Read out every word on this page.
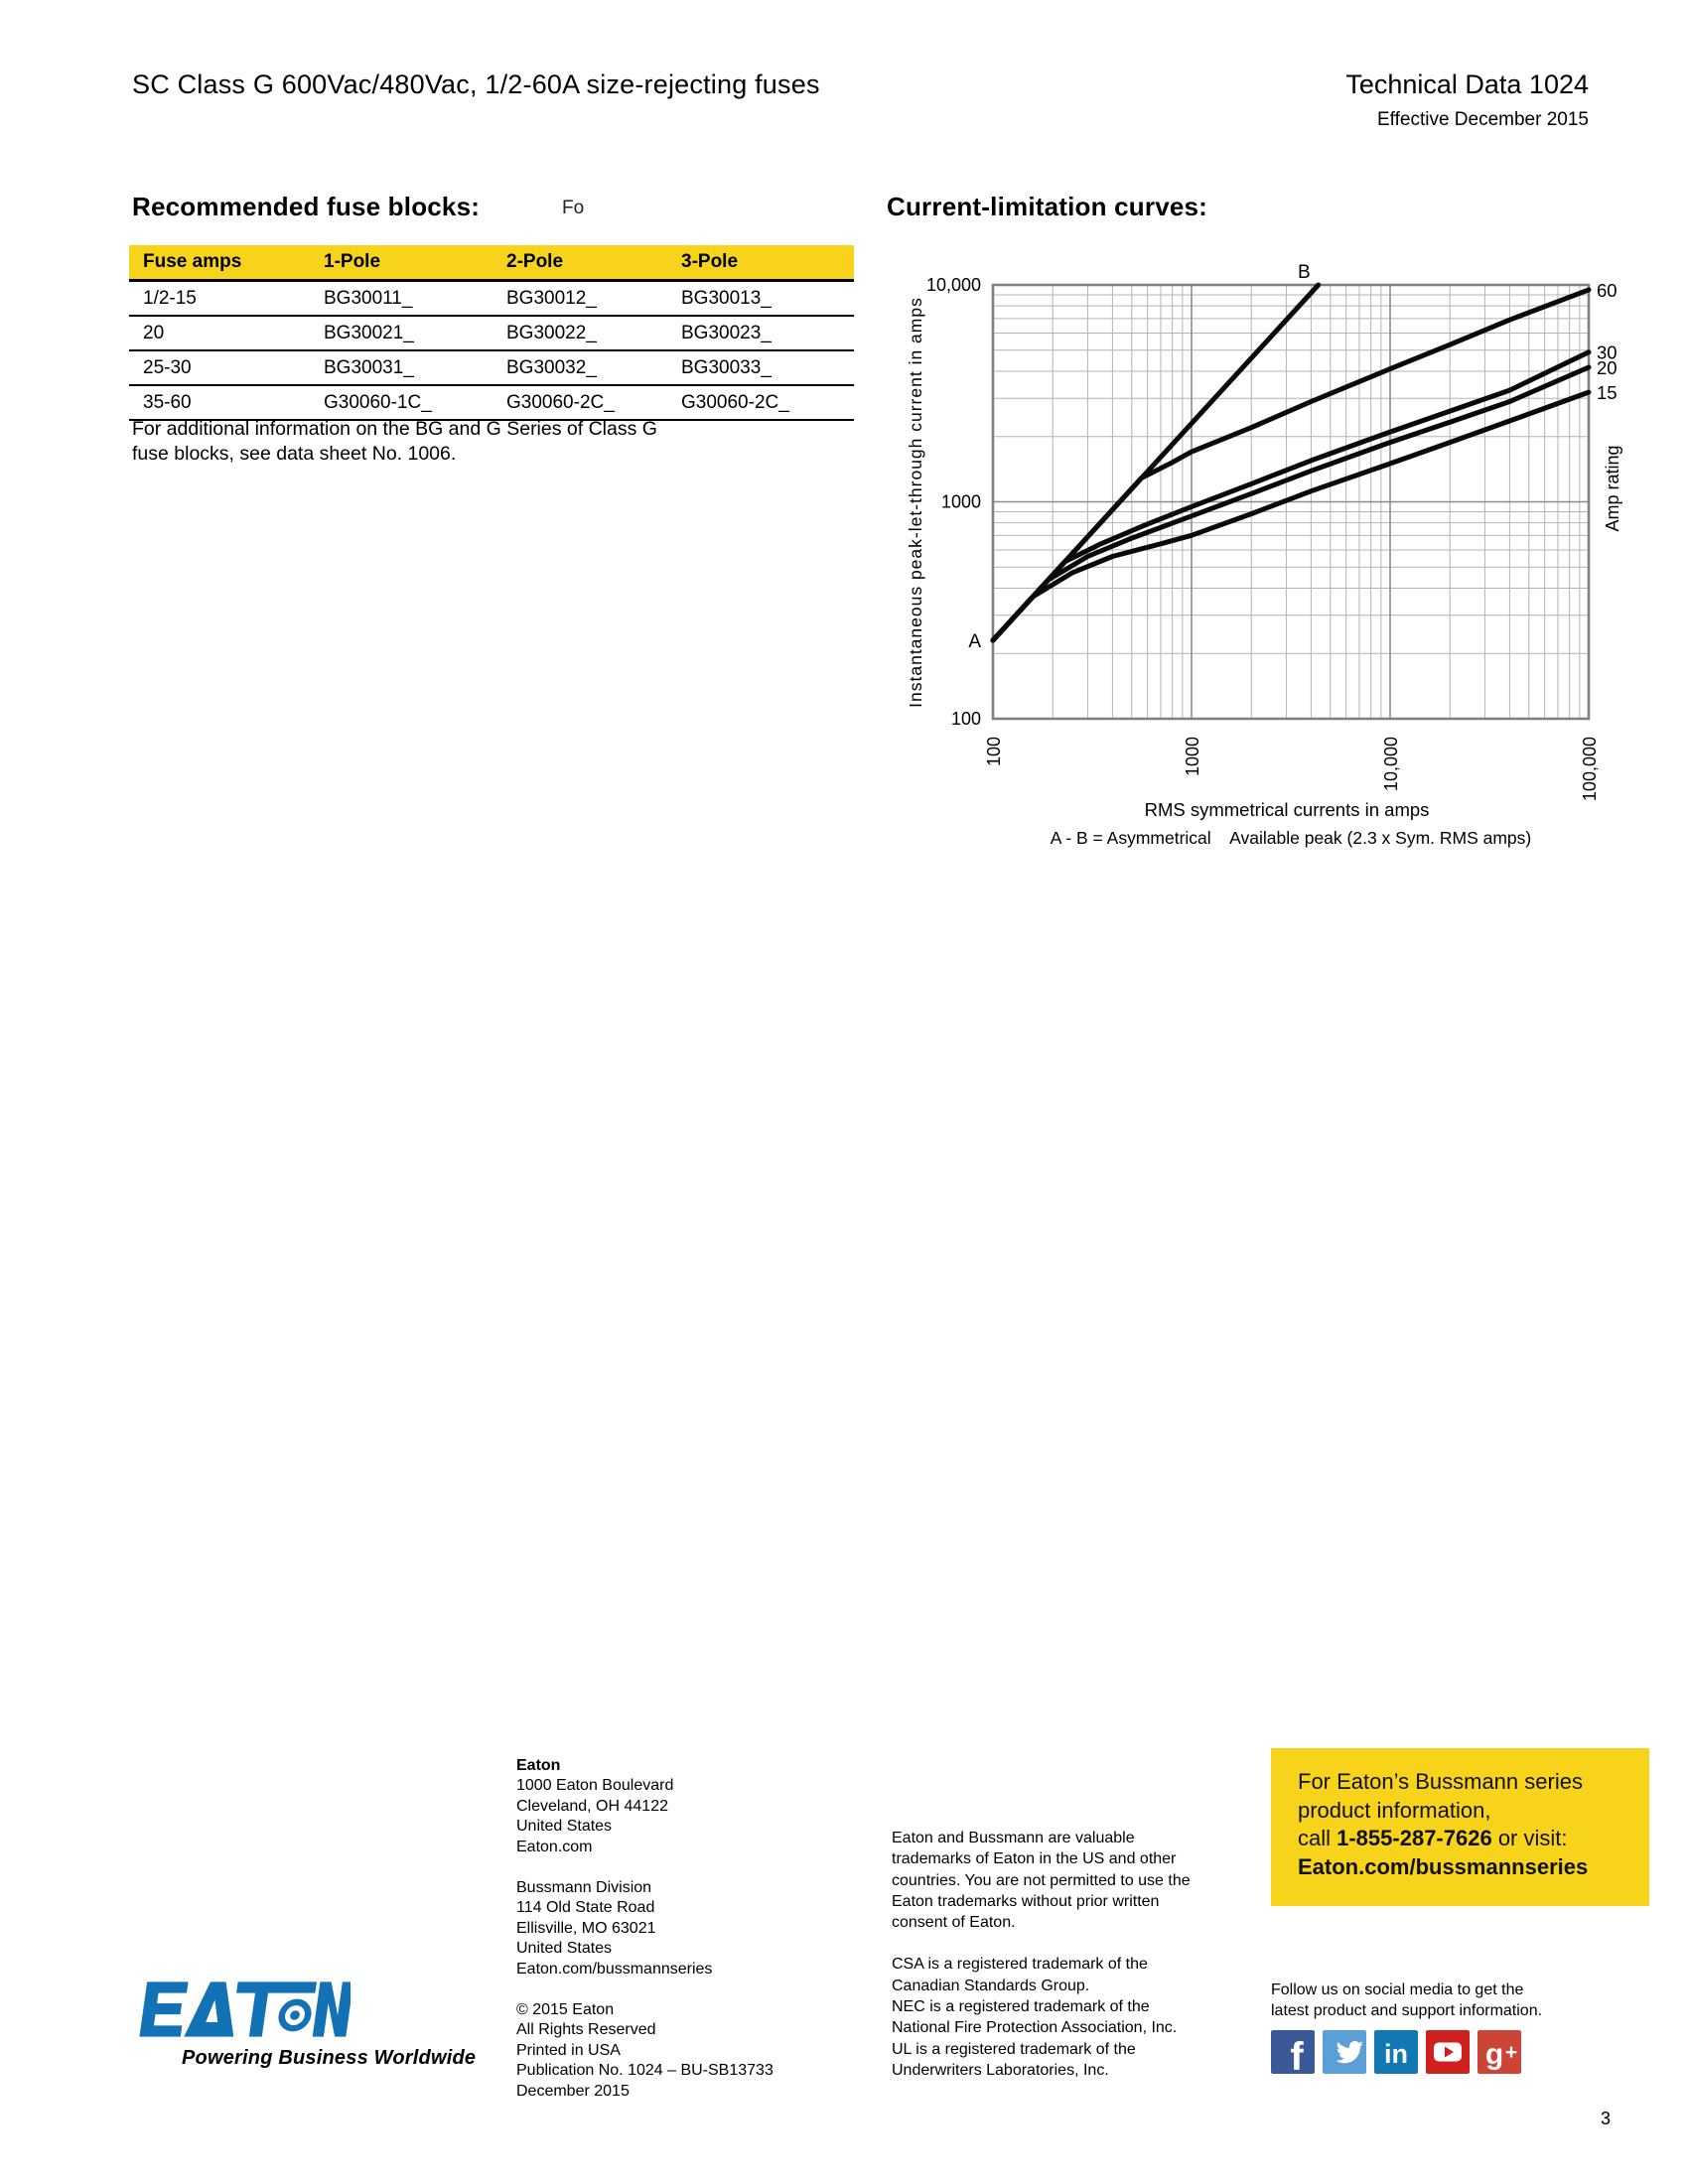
SC Class G 600Vac/480Vac, 1/2-60A size-rejecting fuses	Technical Data 1024
Effective December 2015
Recommended fuse blocks:	Fo
Fuse amps	1-Pole	2-Pole	3-Pole
1/2-15	BG30011_	BG30012_	BG30013_
20	BG30021_	BG30022_	BG30023_
25-30	BG30031_	BG30032_	BG30033_
35-60	G30060-1C_	G30060-2C_	G30060-2C_
For additional information on the BG and G Series of Class G
fuse blocks, see data sheet No. 1006.
Current-limitation curves:
10,000
1000
100
100	1000	10,000	100,000
A
B
60
30
20
15
Instantaneous peak-let-through current in amps	Amp rating
RMS symmetrical currents in amps
A - B = Asymmetrical    Available peak (2.3 x Sym. RMS amps)
Powering Business Worldwide
Eaton
1000 Eaton Boulevard
Cleveland, OH 44122
United States
Eaton.com
Bussmann Division
114 Old State Road
Ellisville, MO 63021
United States
Eaton.com/bussmannseries
© 2015 Eaton
All Rights Reserved
Printed in USA
Publication No. 1024 – BU-SB13733
December 2015
Eaton and Bussmann are valuable
trademarks of Eaton in the US and other
countries. You are not permitted to use the
Eaton trademarks without prior written
consent of Eaton.
CSA is a registered trademark of the
Canadian Standards Group.
NEC is a registered trademark of the
National Fire Protection Association, Inc.
UL is a registered trademark of the
Underwriters Laboratories, Inc.
For Eaton’s Bussmann series
product information,
call 1-855-287-7626 or visit:
Eaton.com/bussmannseries
Follow us on social media to get the
latest product and support information.
f	in	g +
3
